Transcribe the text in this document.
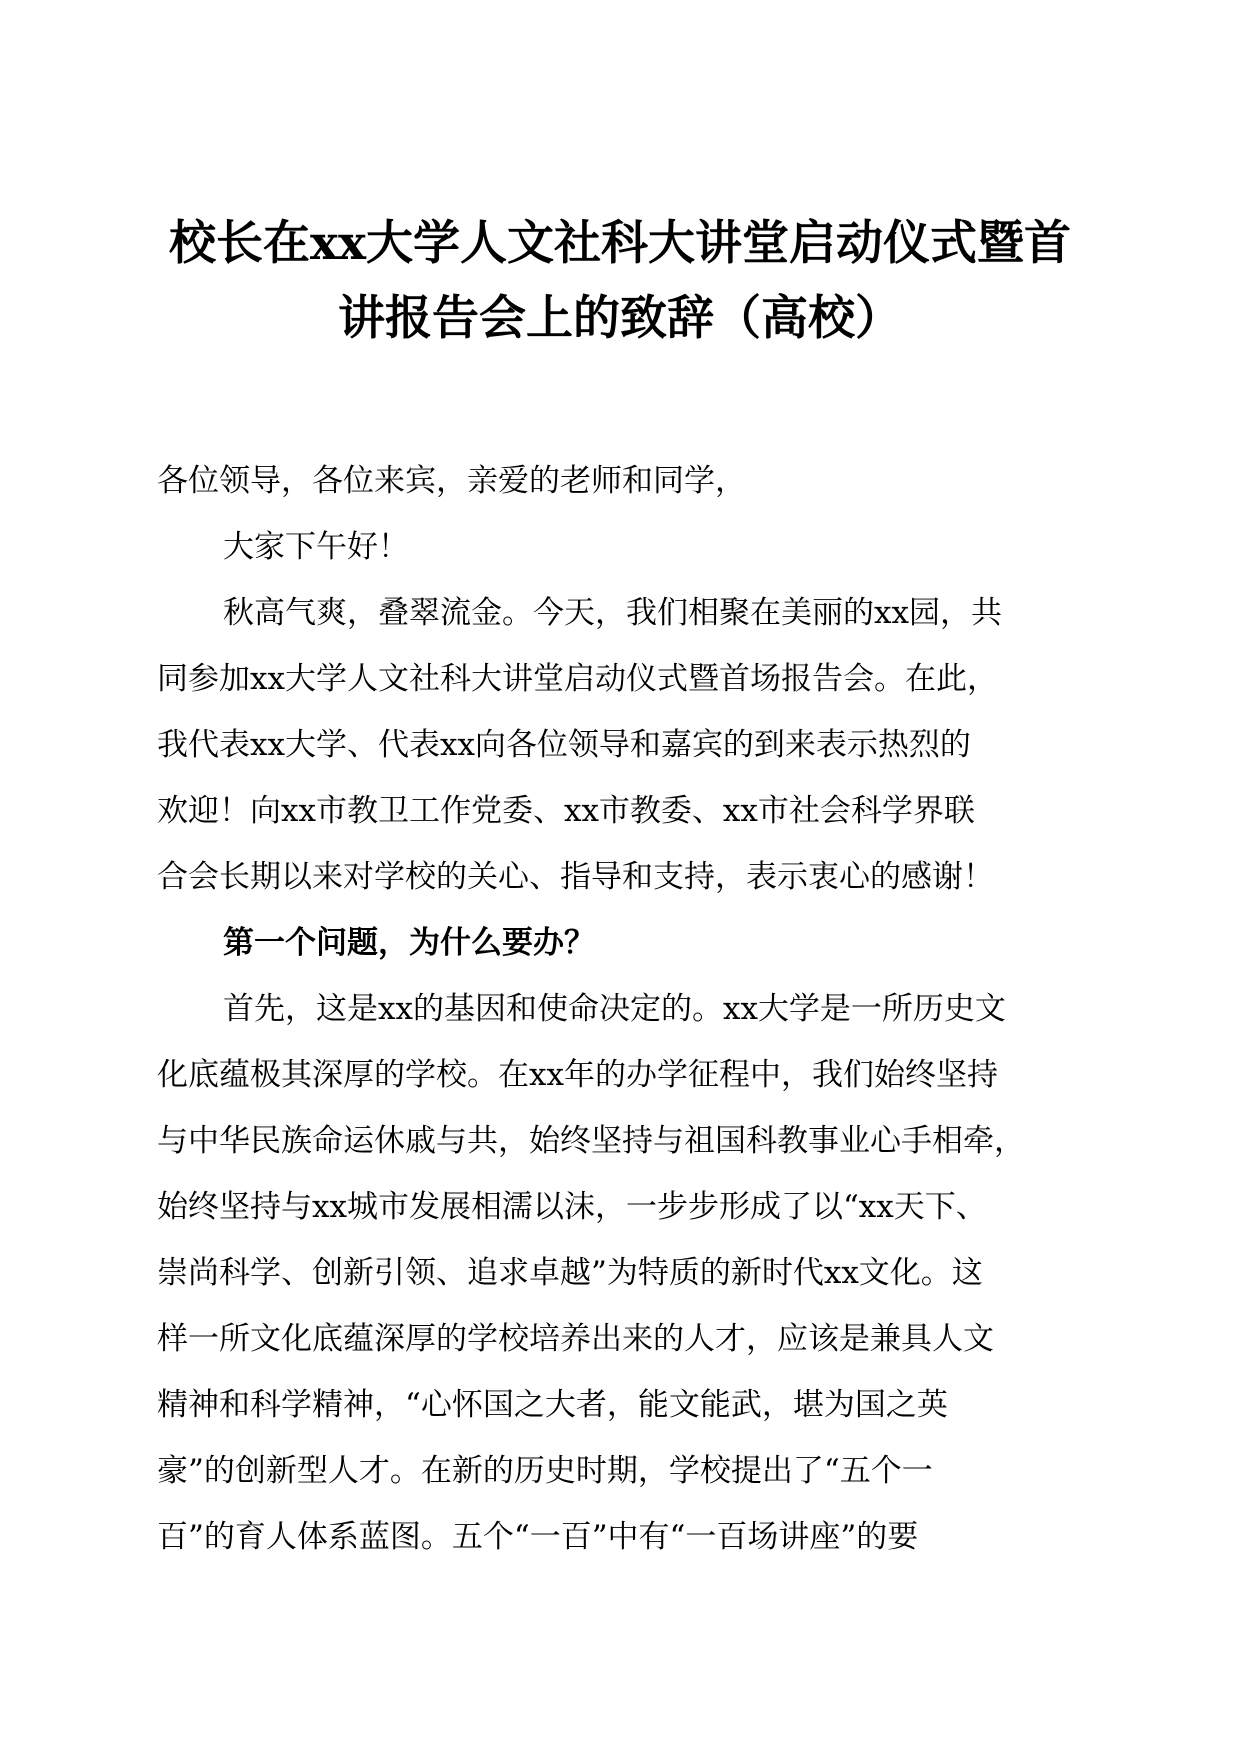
校长在xx大学人文社科大讲堂启动仪式暨首
讲报告会上的致辞（高校）
各位领导，各位来宾，亲爱的老师和同学，
大家下午好！
秋高气爽，叠翠流金。今天，我们相聚在美丽的xx园，共
同参加xx大学人文社科大讲堂启动仪式暨首场报告会。在此，
我代表xx大学、代表xx向各位领导和嘉宾的到来表示热烈的
欢迎！向xx市教卫工作党委、xx市教委、xx市社会科学界联
合会长期以来对学校的关心、指导和支持，表示衷心的感谢！
第一个问题，为什么要办？
首先，这是xx的基因和使命决定的。xx大学是一所历史文
化底蕴极其深厚的学校。在xx年的办学征程中，我们始终坚持
与中华民族命运休戚与共，始终坚持与祖国科教事业心手相牵，
始终坚持与xx城市发展相濡以沫，一步步形成了以“xx天下、
崇尚科学、创新引领、追求卓越”为特质的新时代xx文化。这
样一所文化底蕴深厚的学校培养出来的人才，应该是兼具人文
精神和科学精神，“心怀国之大者，能文能武，堪为国之英
豪”的创新型人才。在新的历史时期，学校提出了“五个一
百”的育人体系蓝图。五个“一百”中有“一百场讲座”的要
